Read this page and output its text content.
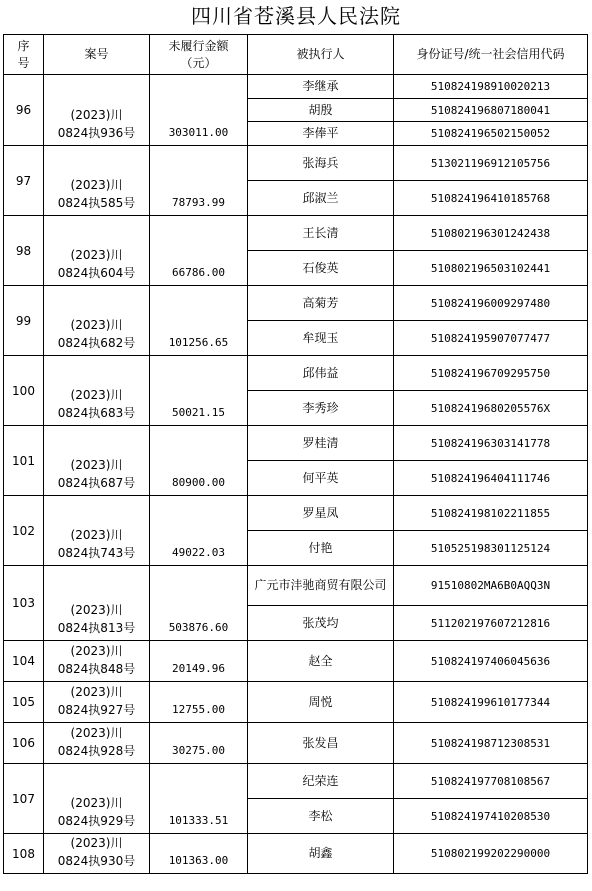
四川省苍溪县人民法院
序
号	案号	未履行金额
（元）	被执行人	身份证号/统一社会信用代码
96	(2023)川
0824执936号	303011.00	李继承	510824198910020213
			胡殷	510824196807180041
			李俸平	510824196502150052
97	(2023)川
0824执585号	78793.99	张海兵	513021196912105756
			邱淑兰	510824196410185768
98	(2023)川
0824执604号	66786.00	王长清	510802196301242438
			石俊英	510802196503102441
99	(2023)川
0824执682号	101256.65	高菊芳	510824196009297480
			牟现玉	510824195907077477
100	(2023)川
0824执683号	50021.15	邱伟益	510824196709295750
			李秀珍	51082419680205576X
101	(2023)川
0824执687号	80900.00	罗桂清	510824196303141778
			何平英	510824196404111746
102	(2023)川
0824执743号	49022.03	罗星凤	510824198102211855
			付艳	510525198301125124
103	(2023)川
0824执813号	503876.60	广元市沣驰商贸有限公司	91510802MA6B0AQQ3N
			张茂均	511202197607212816
104	(2023)川
0824执848号	20149.96	赵全	510824197406045636
105	(2023)川
0824执927号	12755.00	周悦	510824199610177344
106	(2023)川
0824执928号	30275.00	张发昌	510824198712308531
107	(2023)川
0824执929号	101333.51	纪荣连	510824197708108567
			李松	510824197410208530
108	(2023)川
0824执930号	101363.00	胡鑫	510802199202290000
